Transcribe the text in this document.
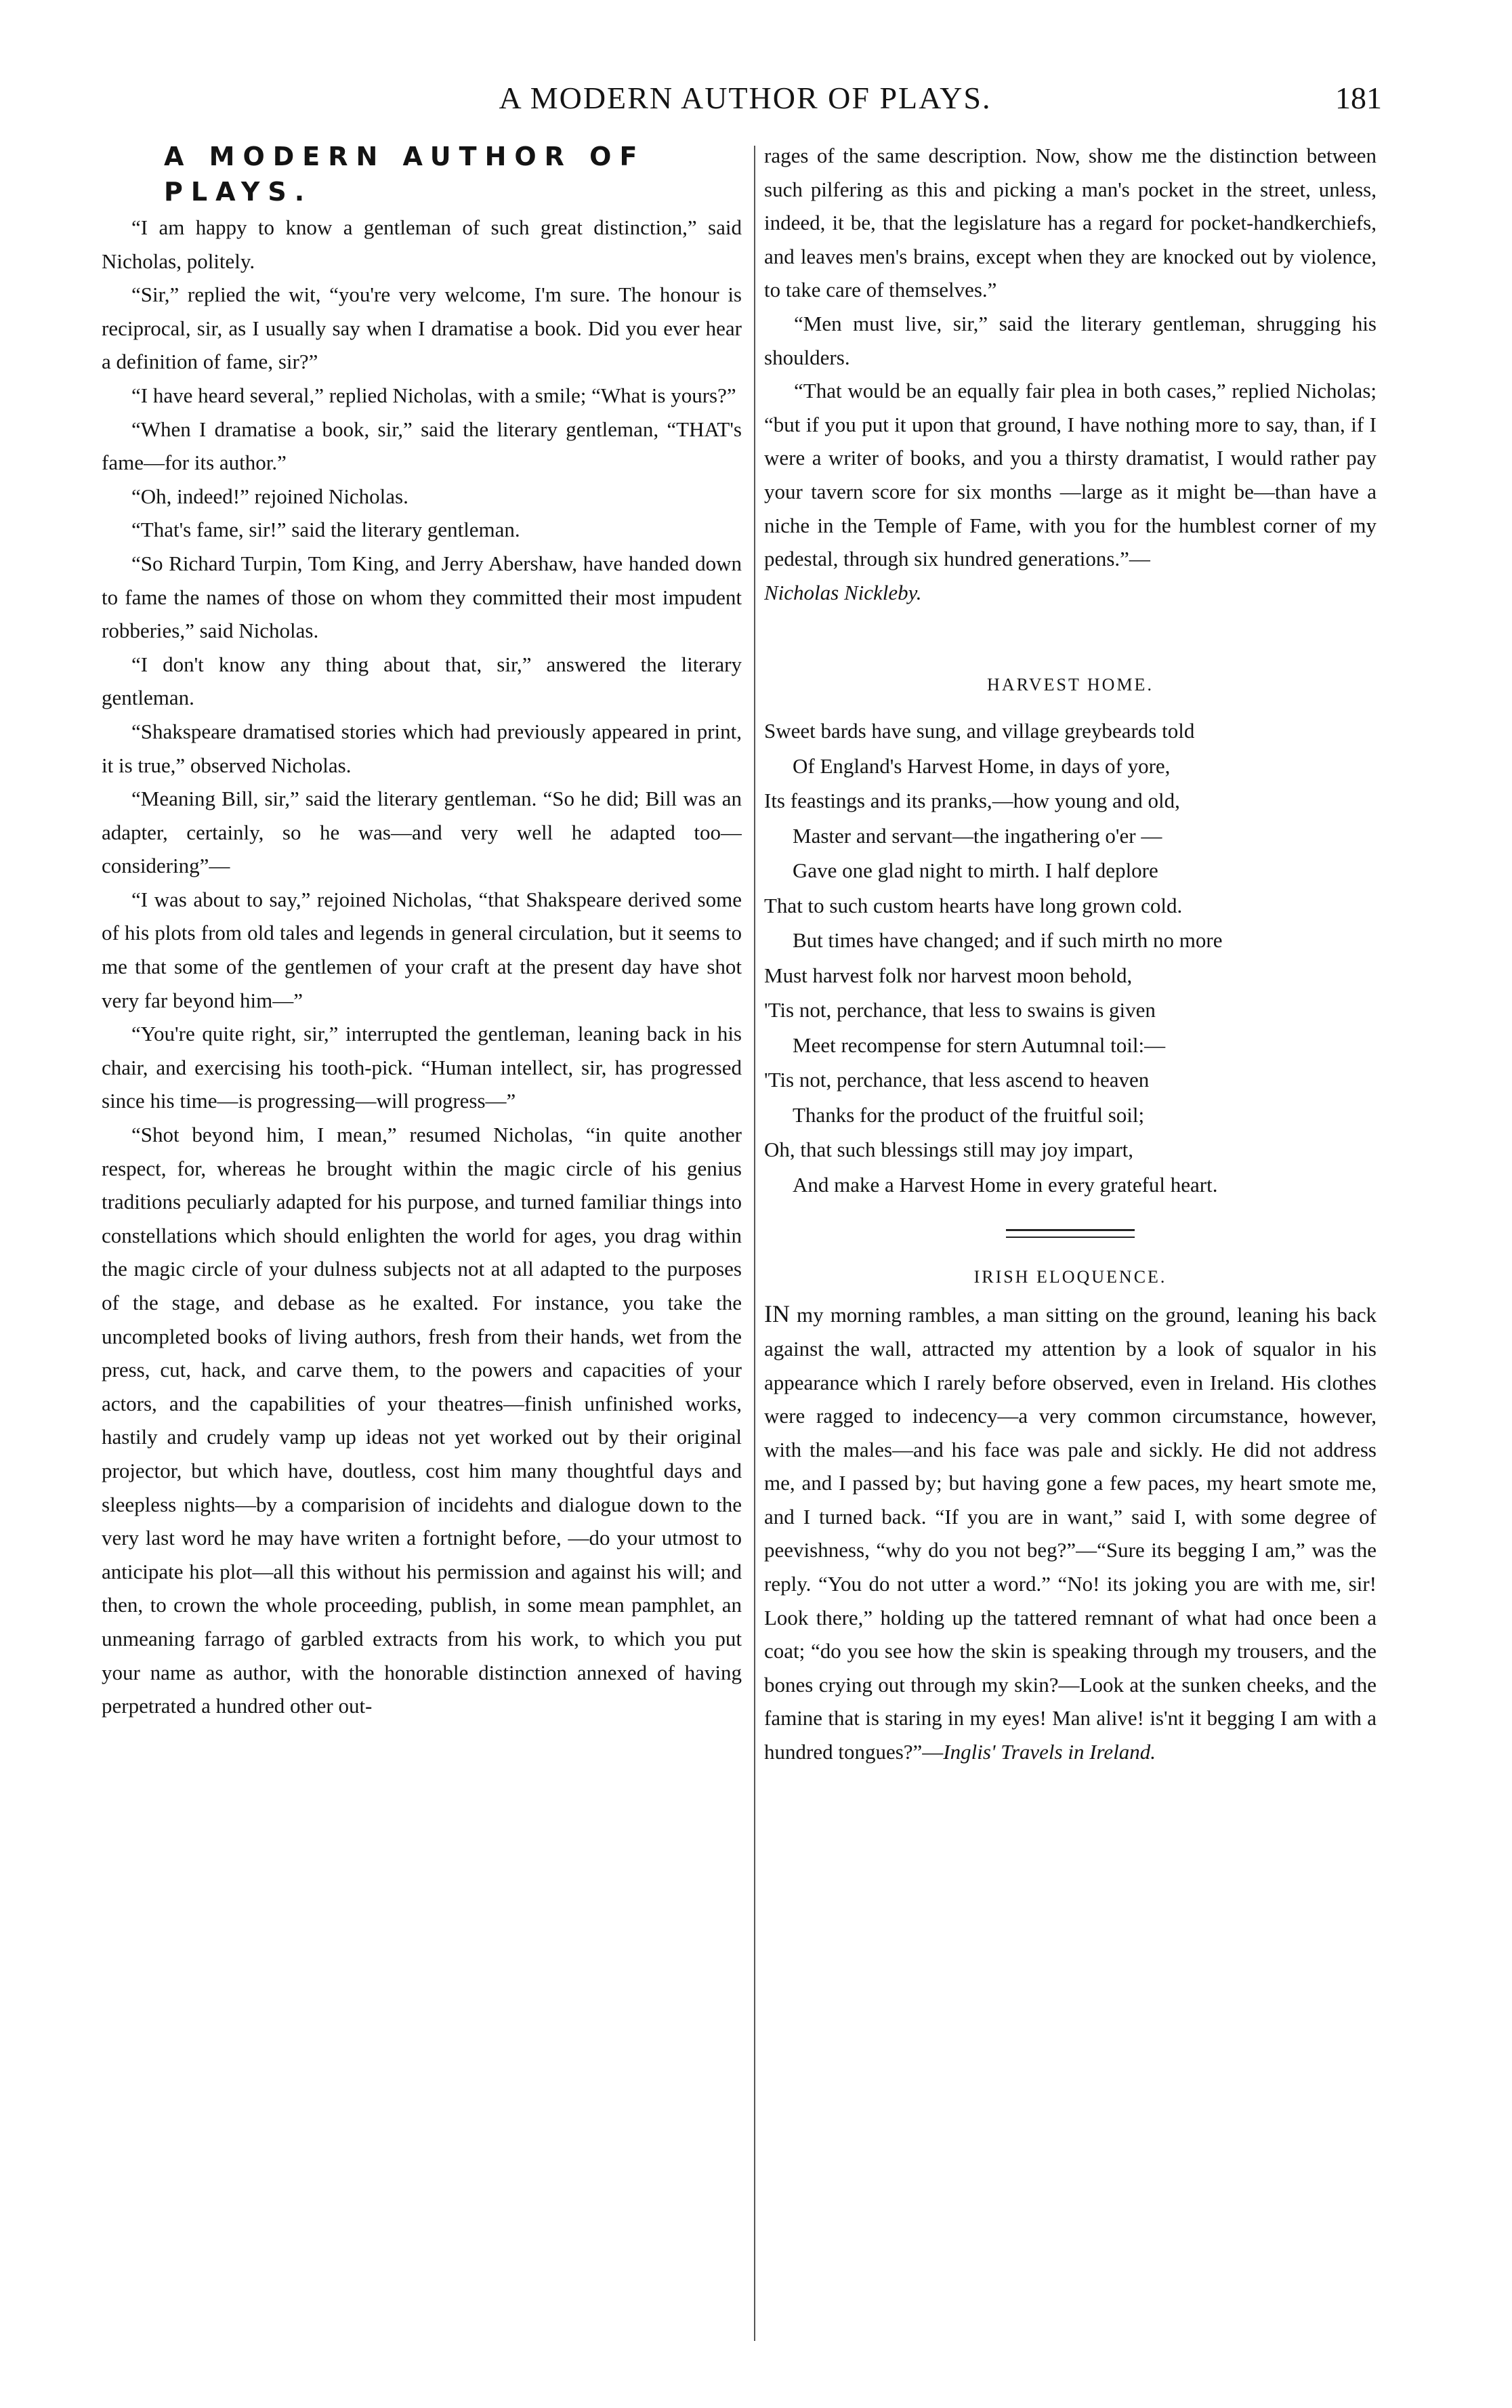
A MODERN AUTHOR OF PLAYS.	181
A MODERN AUTHOR OF PLAYS.

“I am happy to know a gentleman of such great distinction,” said Nicholas, politely.

“Sir,” replied the wit, “you're very welcome, I'm sure. The honour is reciprocal, sir, as I usually say when I dramatise a book. Did you ever hear a definition of fame, sir?”

“I have heard several,” replied Nicholas, with a smile; “What is yours?”

“When I dramatise a book, sir,” said the literary gentleman, “THAT's fame—for its author.”

“Oh, indeed!” rejoined Nicholas.

“That's fame, sir!” said the literary gentleman.

“So Richard Turpin, Tom King, and Jerry Abershaw, have handed down to fame the names of those on whom they committed their most impudent robberies,” said Nicholas.

“I don't know any thing about that, sir,” answered the literary gentleman.

“Shakspeare dramatised stories which had previously appeared in print, it is true,” observed Nicholas.

“Meaning Bill, sir,” said the literary gentleman. “So he did; Bill was an adapter, certainly, so he was—and very well he adapted too—considering”—

“I was about to say,” rejoined Nicholas, “that Shakspeare derived some of his plots from old tales and legends in general circulation, but it seems to me that some of the gentlemen of your craft at the present day have shot very far beyond him—”

“You're quite right, sir,” interrupted the gentleman, leaning back in his chair, and exercising his tooth-pick. “Human intellect, sir, has progressed since his time—is progressing—will progress—”

“Shot beyond him, I mean,” resumed Nicholas, “in quite another respect, for, whereas he brought within the magic circle of his genius traditions peculiarly adapted for his purpose, and turned familiar things into constellations which should enlighten the world for ages, you drag within the magic circle of your dulness subjects not at all adapted to the purposes of the stage, and debase as he exalted. For instance, you take the uncompleted books of living authors, fresh from their hands, wet from the press, cut, hack, and carve them, to the powers and capacities of your actors, and the capabilities of your theatres—finish unfinished works, hastily and crudely vamp up ideas not yet worked out by their original projector, but which have, doutless, cost him many thoughtful days and sleepless nights—by a comparision of incidehts and dialogue down to the very last word he may have writen a fortnight before, —do your utmost to anticipate his plot—all this without his permission and against his will; and then, to crown the whole proceeding, publish, in some mean pamphlet, an unmeaning farrago of garbled extracts from his work, to which you put your name as author, with the honorable distinction annexed of having perpetrated a hundred other out-

rages of the same description. Now, show me the distinction between such pilfering as this and picking a man's pocket in the street, unless, indeed, it be, that the legislature has a regard for pocket-handkerchiefs, and leaves men's brains, except when they are knocked out by violence, to take care of themselves.”

“Men must live, sir,” said the literary gentleman, shrugging his shoulders.

“That would be an equally fair plea in both cases,” replied Nicholas; “but if you put it upon that ground, I have nothing more to say, than, if I were a writer of books, and you a thirsty dramatist, I would rather pay your tavern score for six months —large as it might be—than have a niche in the Temple of Fame, with you for the humblest corner of my pedestal, through six hundred generations.”—

Nicholas Nickleby.

HARVEST HOME.
Sweet bards have sung, and village greybeards told
Of England's Harvest Home, in days of yore,
Its feastings and its pranks,—how young and old,
Master and servant—the ingathering o'er —
Gave one glad night to mirth. I half deplore
That to such custom hearts have long grown cold.
But times have changed; and if such mirth no more
Must harvest folk nor harvest moon behold,
'Tis not, perchance, that less to swains is given
Meet recompense for stern Autumnal toil:—
'Tis not, perchance, that less ascend to heaven
Thanks for the product of the fruitful soil;
Oh, that such blessings still may joy impart,
And make a Harvest Home in every grateful heart.
IRISH ELOQUENCE.

IN my morning rambles, a man sitting on the ground, leaning his back against the wall, attracted my attention by a look of squalor in his appearance which I rarely before observed, even in Ireland. His clothes were ragged to indecency—a very common circumstance, however, with the males—and his face was pale and sickly. He did not address me, and I passed by; but having gone a few paces, my heart smote me, and I turned back. “If you are in want,” said I, with some degree of peevishness, “why do you not beg?”—“Sure its begging I am,” was the reply. “You do not utter a word.” “No! its joking you are with me, sir! Look there,” holding up the tattered remnant of what had once been a coat; “do you see how the skin is speaking through my trousers, and the bones crying out through my skin?—Look at the sunken cheeks, and the famine that is staring in my eyes! Man alive! is'nt it begging I am with a hundred tongues?”—Inglis' Travels in Ireland.
